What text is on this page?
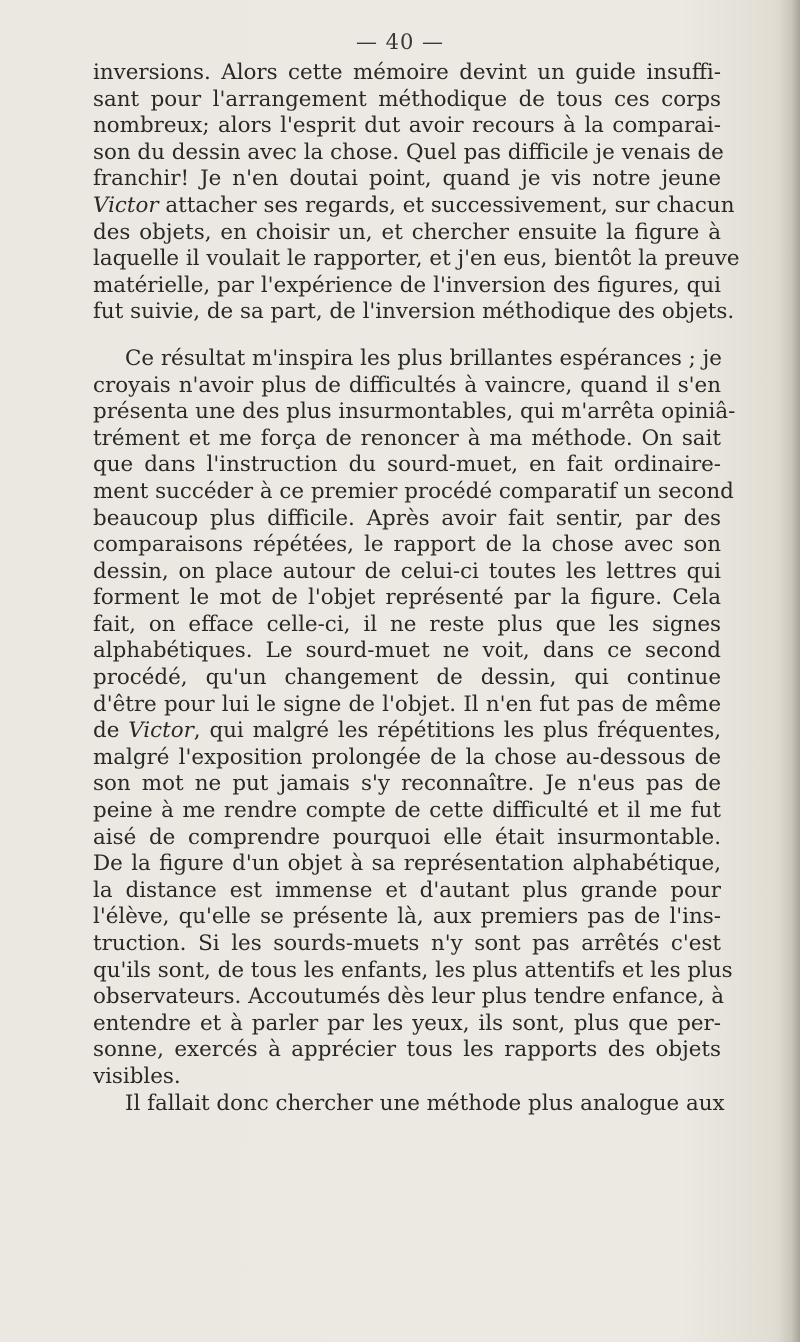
— 40 —
inversions. Alors cette mémoire devint un guide insuffi-
sant pour l'arrangement méthodique de tous ces corps
nombreux; alors l'esprit dut avoir recours à la comparai-
son du dessin avec la chose. Quel pas difficile je venais de
franchir! Je n'en doutai point, quand je vis notre jeune
Victor attacher ses regards, et successivement, sur chacun
des objets, en choisir un, et chercher ensuite la figure à
laquelle il voulait le rapporter, et j'en eus, bientôt la preuve
matérielle, par l'expérience de l'inversion des figures, qui
fut suivie, de sa part, de l'inversion méthodique des objets.
Ce résultat m'inspira les plus brillantes espérances ; je
croyais n'avoir plus de difficultés à vaincre, quand il s'en
présenta une des plus insurmontables, qui m'arrêta opiniâ-
trément et me força de renoncer à ma méthode. On sait
que dans l'instruction du sourd-muet, en fait ordinaire-
ment succéder à ce premier procédé comparatif un second
beaucoup plus difficile. Après avoir fait sentir, par des
comparaisons répétées, le rapport de la chose avec son
dessin, on place autour de celui-ci toutes les lettres qui
forment le mot de l'objet représenté par la figure. Cela
fait, on efface celle-ci, il ne reste plus que les signes
alphabétiques. Le sourd-muet ne voit, dans ce second
procédé, qu'un changement de dessin, qui continue
d'être pour lui le signe de l'objet. Il n'en fut pas de même
de Victor, qui malgré les répétitions les plus fréquentes,
malgré l'exposition prolongée de la chose au-dessous de
son mot ne put jamais s'y reconnaître. Je n'eus pas de
peine à me rendre compte de cette difficulté et il me fut
aisé de comprendre pourquoi elle était insurmontable.
De la figure d'un objet à sa représentation alphabétique,
la distance est immense et d'autant plus grande pour
l'élève, qu'elle se présente là, aux premiers pas de l'ins-
truction. Si les sourds-muets n'y sont pas arrêtés c'est
qu'ils sont, de tous les enfants, les plus attentifs et les plus
observateurs. Accoutumés dès leur plus tendre enfance, à
entendre et à parler par les yeux, ils sont, plus que per-
sonne, exercés à apprécier tous les rapports des objets
visibles.
Il fallait donc chercher une méthode plus analogue aux
